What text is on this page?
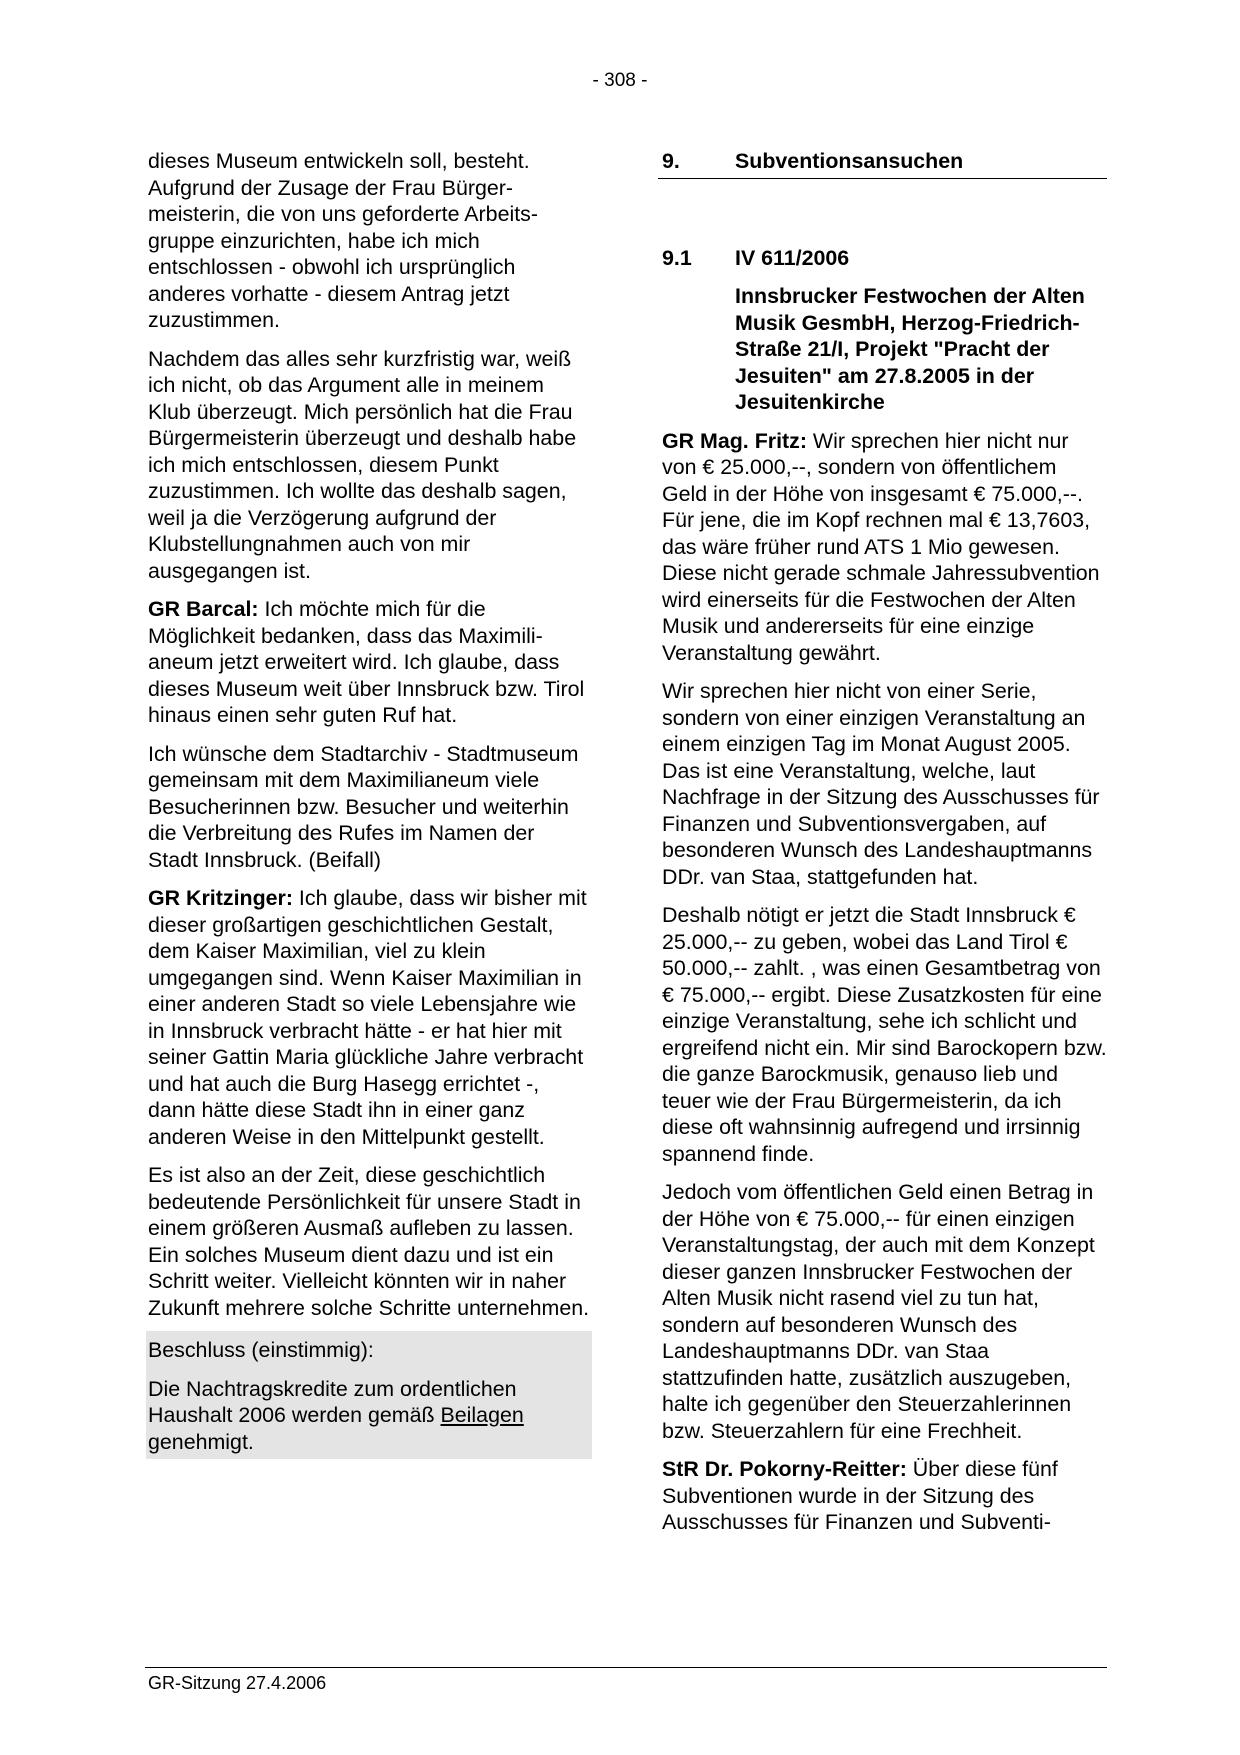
- 308 -

dieses Museum entwickeln soll, besteht. Aufgrund der Zusage der Frau Bürgermeisterin, die von uns geforderte Arbeitsgruppe einzurichten, habe ich mich entschlossen - obwohl ich ursprünglich anderes vorhatte - diesem Antrag jetzt zuzustimmen.

Nachdem das alles sehr kurzfristig war, weiß ich nicht, ob das Argument alle in meinem Klub überzeugt. Mich persönlich hat die Frau Bürgermeisterin überzeugt und deshalb habe ich mich entschlossen, diesem Punkt zuzustimmen. Ich wollte das deshalb sagen, weil ja die Verzögerung aufgrund der Klubstellungnahmen auch von mir ausgegangen ist.

GR Barcal: Ich möchte mich für die Möglichkeit bedanken, dass das Maximilianeum jetzt erweitert wird. Ich glaube, dass dieses Museum weit über Innsbruck bzw. Tirol hinaus einen sehr guten Ruf hat.

Ich wünsche dem Stadtarchiv - Stadtmuseum gemeinsam mit dem Maximilianeum viele Besucherinnen bzw. Besucher und weiterhin die Verbreitung des Rufes im Namen der Stadt Innsbruck. (Beifall)

GR Kritzinger: Ich glaube, dass wir bisher mit dieser großartigen geschichtlichen Gestalt, dem Kaiser Maximilian, viel zu klein umgegangen sind. Wenn Kaiser Maximilian in einer anderen Stadt so viele Lebensjahre wie in Innsbruck verbracht hätte - er hat hier mit seiner Gattin Maria glückliche Jahre verbracht und hat auch die Burg Hasegg errichtet -, dann hätte diese Stadt ihn in einer ganz anderen Weise in den Mittelpunkt gestellt.

Es ist also an der Zeit, diese geschichtlich bedeutende Persönlichkeit für unsere Stadt in einem größeren Ausmaß aufleben zu lassen. Ein solches Museum dient dazu und ist ein Schritt weiter. Vielleicht könnten wir in naher Zukunft mehrere solche Schritte unternehmen.

Beschluss (einstimmig):

Die Nachtragskredite zum ordentlichen Haushalt 2006 werden gemäß Beilagen genehmigt.

9.	Subventionsansuchen
9.1	IV 611/2006

Innsbrucker Festwochen der Alten Musik GesmbH, Herzog-Friedrich-Straße 21/I, Projekt "Pracht der Jesuiten" am 27.8.2005 in der Jesuitenkirche

GR Mag. Fritz: Wir sprechen hier nicht nur von € 25.000,--, sondern von öffentlichem Geld in der Höhe von insgesamt € 75.000,--. Für jene, die im Kopf rechnen mal € 13,7603, das wäre früher rund ATS 1 Mio gewesen. Diese nicht gerade schmale Jahressubvention wird einerseits für die Festwochen der Alten Musik und andererseits für eine einzige Veranstaltung gewährt.

Wir sprechen hier nicht von einer Serie, sondern von einer einzigen Veranstaltung an einem einzigen Tag im Monat August 2005. Das ist eine Veranstaltung, welche, laut Nachfrage in der Sitzung des Ausschusses für Finanzen und Subventionsvergaben, auf besonderen Wunsch des Landeshauptmanns DDr. van Staa, stattgefunden hat.

Deshalb nötigt er jetzt die Stadt Innsbruck € 25.000,-- zu geben, wobei das Land Tirol € 50.000,-- zahlt. , was einen Gesamtbetrag von € 75.000,-- ergibt. Diese Zusatzkosten für eine einzige Veranstaltung, sehe ich schlicht und ergreifend nicht ein. Mir sind Barockopern bzw. die ganze Barockmusik, genauso lieb und teuer wie der Frau Bürgermeisterin, da ich diese oft wahnsinnig aufregend und irrsinnig spannend finde.

Jedoch vom öffentlichen Geld einen Betrag in der Höhe von € 75.000,-- für einen einzigen Veranstaltungstag, der auch mit dem Konzept dieser ganzen Innsbrucker Festwochen der Alten Musik nicht rasend viel zu tun hat, sondern auf besonderen Wunsch des Landeshauptmanns DDr. van Staa stattzufinden hatte, zusätzlich auszugeben, halte ich gegenüber den Steuerzahlerinnen bzw. Steuerzahlern für eine Frechheit.

StR Dr. Pokorny-Reitter: Über diese fünf Subventionen wurde in der Sitzung des Ausschusses für Finanzen und Subventi-

GR-Sitzung 27.4.2006
